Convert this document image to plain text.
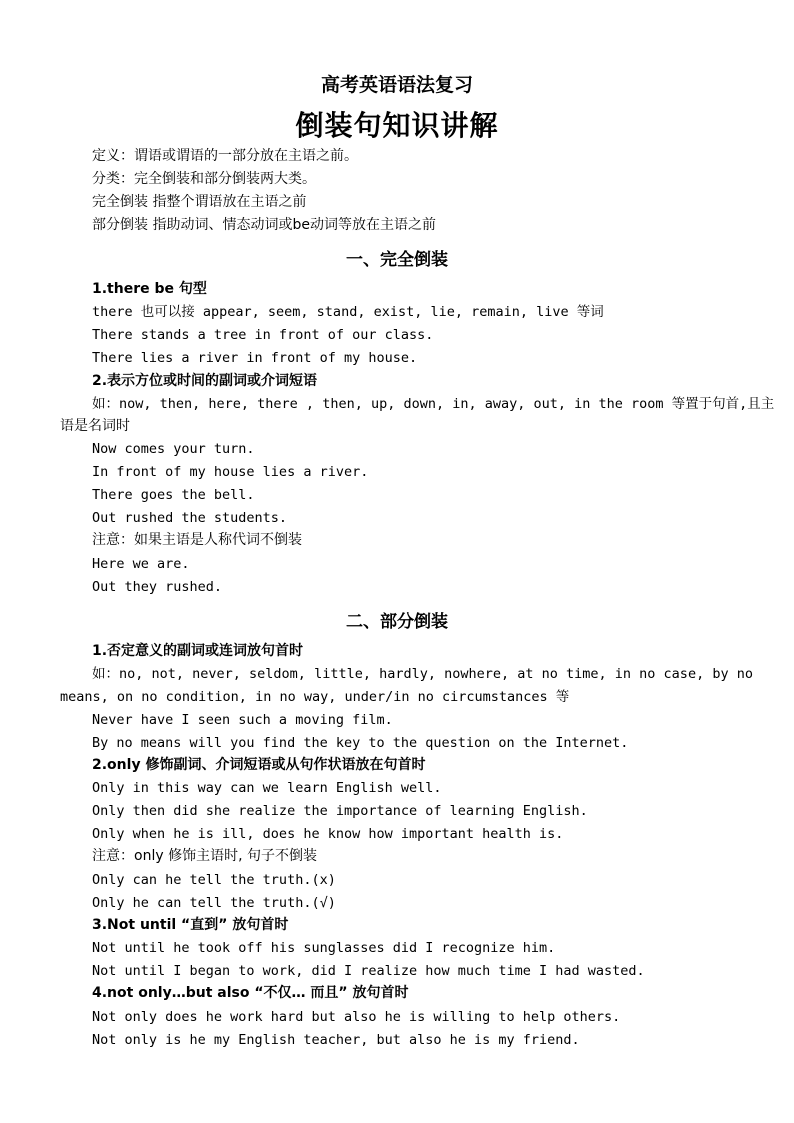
高考英语语法复习
倒装句知识讲解
定义：谓语或谓语的一部分放在主语之前。
分类：完全倒装和部分倒装两大类。
完全倒装 指整个谓语放在主语之前
部分倒装 指助动词、情态动词或be动词等放在主语之前
一、完全倒装
1.there be 句型
there 也可以接 appear, seem, stand, exist, lie, remain, live 等词
There stands a tree in front of our class.
There lies a river in front of my house.
2.表示方位或时间的副词或介词短语
如：now, then, here, there , then, up, down, in, away, out, in the room 等置于句首,且主
语是名词时
Now comes your turn.
In front of my house lies a river.
There goes the bell.
Out rushed the students.
注意：如果主语是人称代词不倒装
Here we are.
Out they rushed.
二、部分倒装
1.否定意义的副词或连词放句首时
如：no, not, never, seldom, little, hardly, nowhere, at no time, in no case, by no
means, on no condition, in no way, under/in no circumstances 等
Never have I seen such a moving film.
By no means will you find the key to the question on the Internet.
2.only 修饰副词、介词短语或从句作状语放在句首时
Only in this way can we learn English well.
Only then did she realize the importance of learning English.
Only when he is ill, does he know how important health is.
注意：only 修饰主语时, 句子不倒装
Only can he tell the truth.(x)
Only he can tell the truth.(√)
3.Not until “直到” 放句首时
Not until he took off his sunglasses did I recognize him.
Not until I began to work, did I realize how much time I had wasted.
4.not only…but also “不仅… 而且” 放句首时
Not only does he work hard but also he is willing to help others.
Not only is he my English teacher, but also he is my friend.
